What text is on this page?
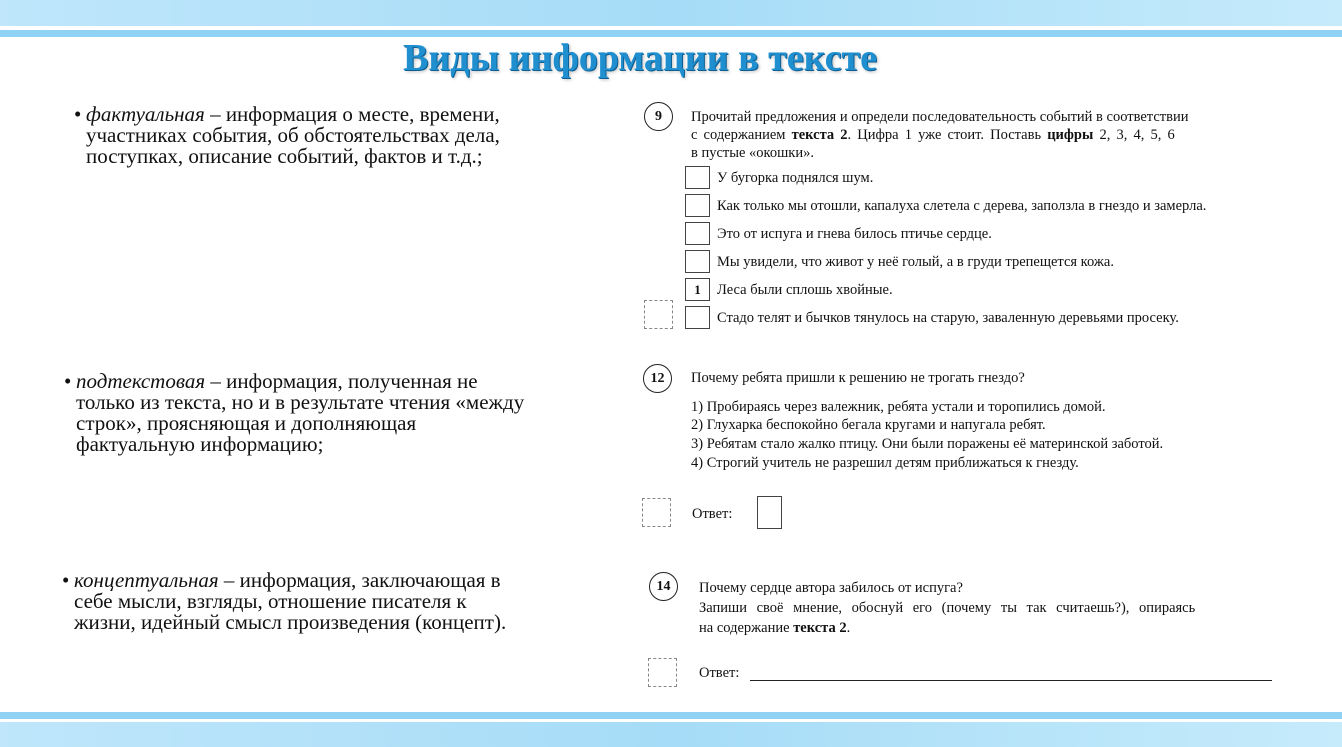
Виды информации в тексте
• фактуальная – информация о месте, времени,
участниках события, об обстоятельствах дела,
поступках, описание событий, фактов и т.д.;
• подтекстовая – информация, полученная не
только из текста, но и в результате чтения «между
строк», проясняющая и дополняющая
фактуальную информацию;
• концептуальная – информация, заключающая в
себе мысли, взгляды, отношение писателя к
жизни, идейный смысл произведения (концепт).
9	Прочитай предложения и определи последовательность событий в соответствии
с содержанием текста 2. Цифра 1 уже стоит. Поставь цифры 2, 3, 4, 5, 6
в пустые «окошки».
У бугорка поднялся шум.
Как только мы отошли, капалуха слетела с дерева, заползла в гнездо и замерла.
Это от испуга и гнева билось птичье сердце.
Мы увидели, что живот у неё голый, а в груди трепещется кожа.
1	Леса были сплошь хвойные.
Стадо телят и бычков тянулось на старую, заваленную деревьями просеку.
12	Почему ребята пришли к решению не трогать гнездо?
1) Пробираясь через валежник, ребята устали и торопились домой.
2) Глухарка беспокойно бегала кругами и напугала ребят.
3) Ребятам стало жалко птицу. Они были поражены её материнской заботой.
4) Строгий учитель не разрешил детям приближаться к гнезду.
Ответ:
14	Почему сердце автора забилось от испуга?
Запиши своё мнение, обоснуй его (почему ты так считаешь?), опираясь
на содержание текста 2.
Ответ:
